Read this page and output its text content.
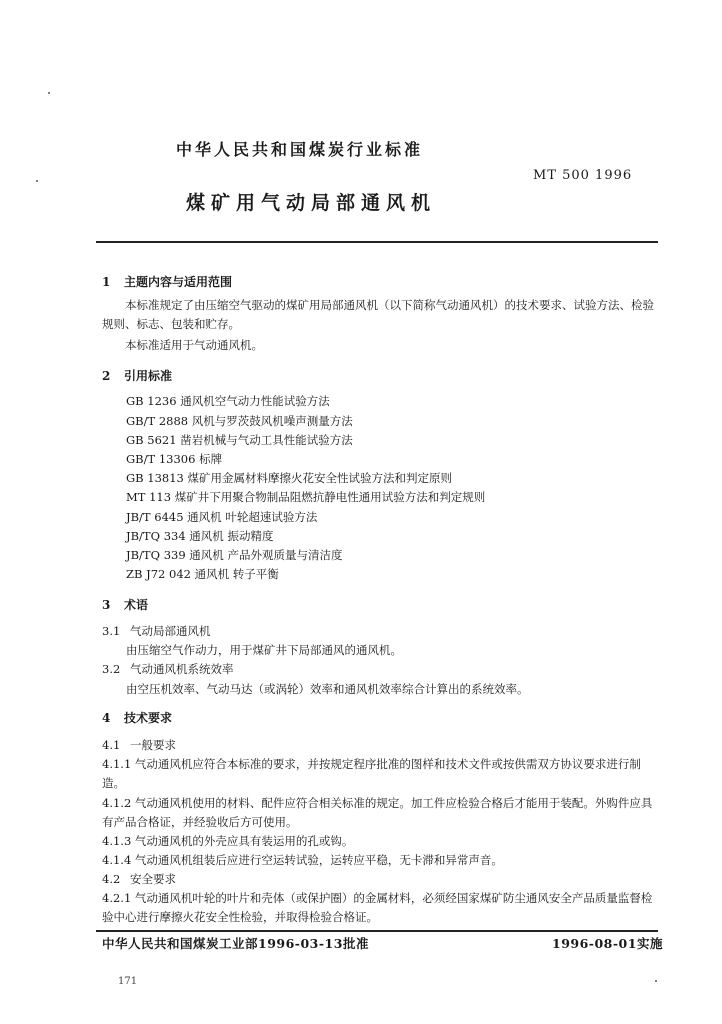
中华人民共和国煤炭行业标准
MT 500 1996
煤矿用气动局部通风机
1 主题内容与适用范围
本标准规定了由压缩空气驱动的煤矿用局部通风机（以下简称气动通风机）的技术要求、试验方法、检验规则、标志、包装和贮存。
本标准适用于气动通风机。
2 引用标准
GB 1236 通风机空气动力性能试验方法
GB/T 2888 风机与罗茨鼓风机噪声测量方法
GB 5621 凿岩机械与气动工具性能试验方法
GB/T 13306 标牌
GB 13813 煤矿用金属材料摩擦火花安全性试验方法和判定原则
MT 113 煤矿井下用聚合物制品阻燃抗静电性通用试验方法和判定规则
JB/T 6445 通风机 叶轮超速试验方法
JB/TQ 334 通风机 振动精度
JB/TQ 339 通风机 产品外观质量与清洁度
ZB J72 042 通风机 转子平衡
3 术语
3.1 气动局部通风机
由压缩空气作动力，用于煤矿井下局部通风的通风机。
3.2 气动通风机系统效率
由空压机效率、气动马达（或涡轮）效率和通风机效率综合计算出的系统效率。
4 技术要求
4.1 一般要求
4.1.1 气动通风机应符合本标准的要求，并按规定程序批准的图样和技术文件或按供需双方协议要求进行制造。
4.1.2 气动通风机使用的材料、配件应符合相关标准的规定。加工件应检验合格后才能用于装配。外购件应具有产品合格证，并经验收后方可使用。
4.1.3 气动通风机的外壳应具有装运用的孔或钩。
4.1.4 气动通风机组装后应进行空运转试验，运转应平稳，无卡滞和异常声音。
4.2 安全要求
4.2.1 气动通风机叶轮的叶片和壳体（或保护圈）的金属材料，必须经国家煤矿防尘通风安全产品质量监督检验中心进行摩擦火花安全性检验，并取得检验合格证。
中华人民共和国煤炭工业部1996-03-13批准	1996-08-01实施
171
